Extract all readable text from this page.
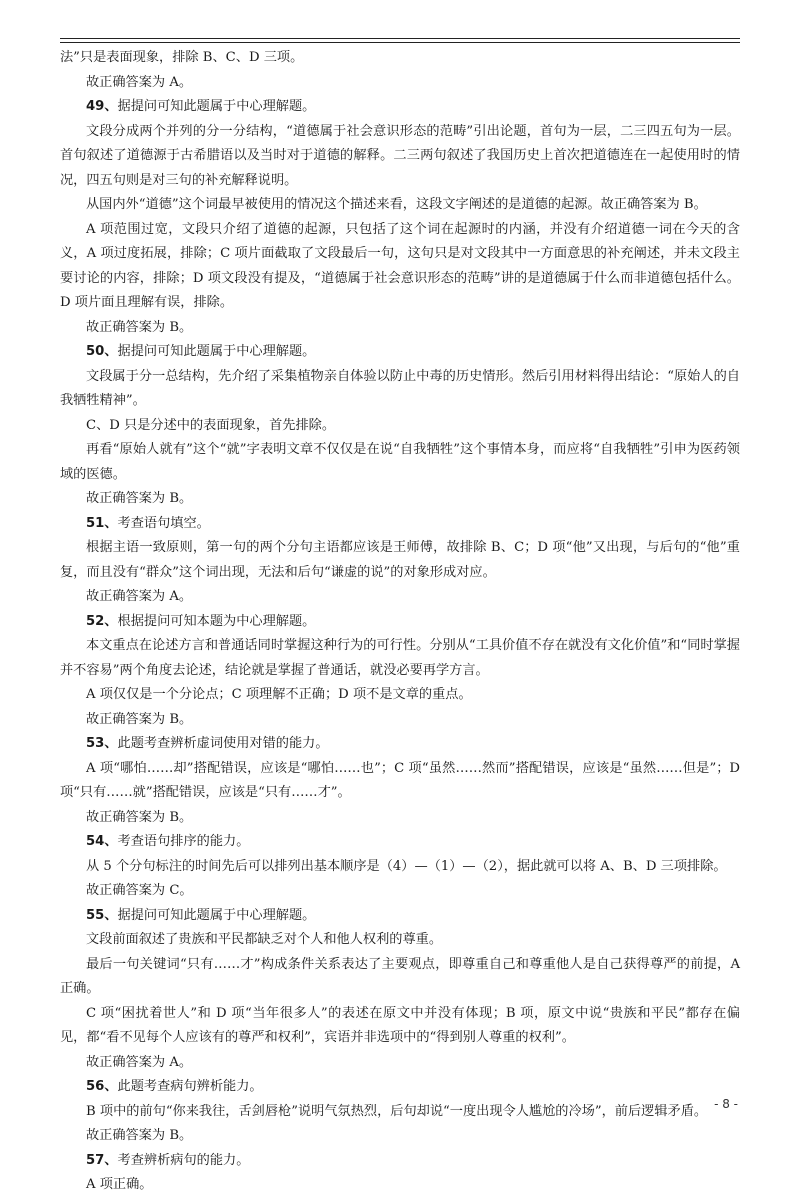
法”只是表面现象，排除 B、C、D 三项。

故正确答案为 A。

49、据提问可知此题属于中心理解题。

文段分成两个并列的分一分结构，“道德属于社会意识形态的范畴”引出论题，首句为一层，二三四五句为一层。首句叙述了道德源于古希腊语以及当时对于道德的解释。二三两句叙述了我国历史上首次把道德连在一起使用时的情况，四五句则是对三句的补充解释说明。

从国内外“道德”这个词最早被使用的情况这个描述来看，这段文字阐述的是道德的起源。故正确答案为 B。

A 项范围过宽，文段只介绍了道德的起源，只包括了这个词在起源时的内涵，并没有介绍道德一词在今天的含义，A 项过度拓展，排除；C 项片面截取了文段最后一句，这句只是对文段其中一方面意思的补充阐述，并未文段主要讨论的内容，排除；D 项文段没有提及，“道德属于社会意识形态的范畴”讲的是道德属于什么而非道德包括什么。D 项片面且理解有误，排除。

故正确答案为 B。

50、据提问可知此题属于中心理解题。

文段属于分一总结构，先介绍了采集植物亲自体验以防止中毒的历史情形。然后引用材料得出结论：“原始人的自我牺牲精神”。

C、D 只是分述中的表面现象，首先排除。

再看“原始人就有”这个“就”字表明文章不仅仅是在说“自我牺牲”这个事情本身，而应将“自我牺牲”引申为医药领域的医德。

故正确答案为 B。

51、考查语句填空。

根据主语一致原则，第一句的两个分句主语都应该是王师傅，故排除 B、C；D 项“他”又出现，与后句的“他”重复，而且没有“群众”这个词出现，无法和后句“谦虚的说”的对象形成对应。

故正确答案为 A。

52、根据提问可知本题为中心理解题。

本文重点在论述方言和普通话同时掌握这种行为的可行性。分别从“工具价值不存在就没有文化价值”和“同时掌握并不容易”两个角度去论述，结论就是掌握了普通话，就没必要再学方言。

A 项仅仅是一个分论点；C 项理解不正确；D 项不是文章的重点。

故正确答案为 B。

53、此题考查辨析虚词使用对错的能力。

A 项“哪怕……却”搭配错误，应该是“哪怕……也”；C 项“虽然……然而”搭配错误，应该是“虽然……但是”；D 项“只有……就”搭配错误，应该是“只有……才”。

故正确答案为 B。

54、考查语句排序的能力。

从 5 个分句标注的时间先后可以排列出基本顺序是（4）—（1）—（2），据此就可以将 A、B、D 三项排除。

故正确答案为 C。

55、据提问可知此题属于中心理解题。

文段前面叙述了贵族和平民都缺乏对个人和他人权利的尊重。

最后一句关键词“只有……才”构成条件关系表达了主要观点，即尊重自己和尊重他人是自己获得尊严的前提，A 正确。

C 项“困扰着世人”和 D 项“当年很多人”的表述在原文中并没有体现；B 项，原文中说“贵族和平民”都存在偏见，都“看不见每个人应该有的尊严和权利”，宾语并非选项中的“得到别人尊重的权利”。

故正确答案为 A。

56、此题考查病句辨析能力。

B 项中的前句“你来我往，舌剑唇枪”说明气氛热烈，后句却说“一度出现令人尴尬的冷场”，前后逻辑矛盾。

故正确答案为 B。

57、考查辨析病句的能力。

A 项正确。

- 8 -
